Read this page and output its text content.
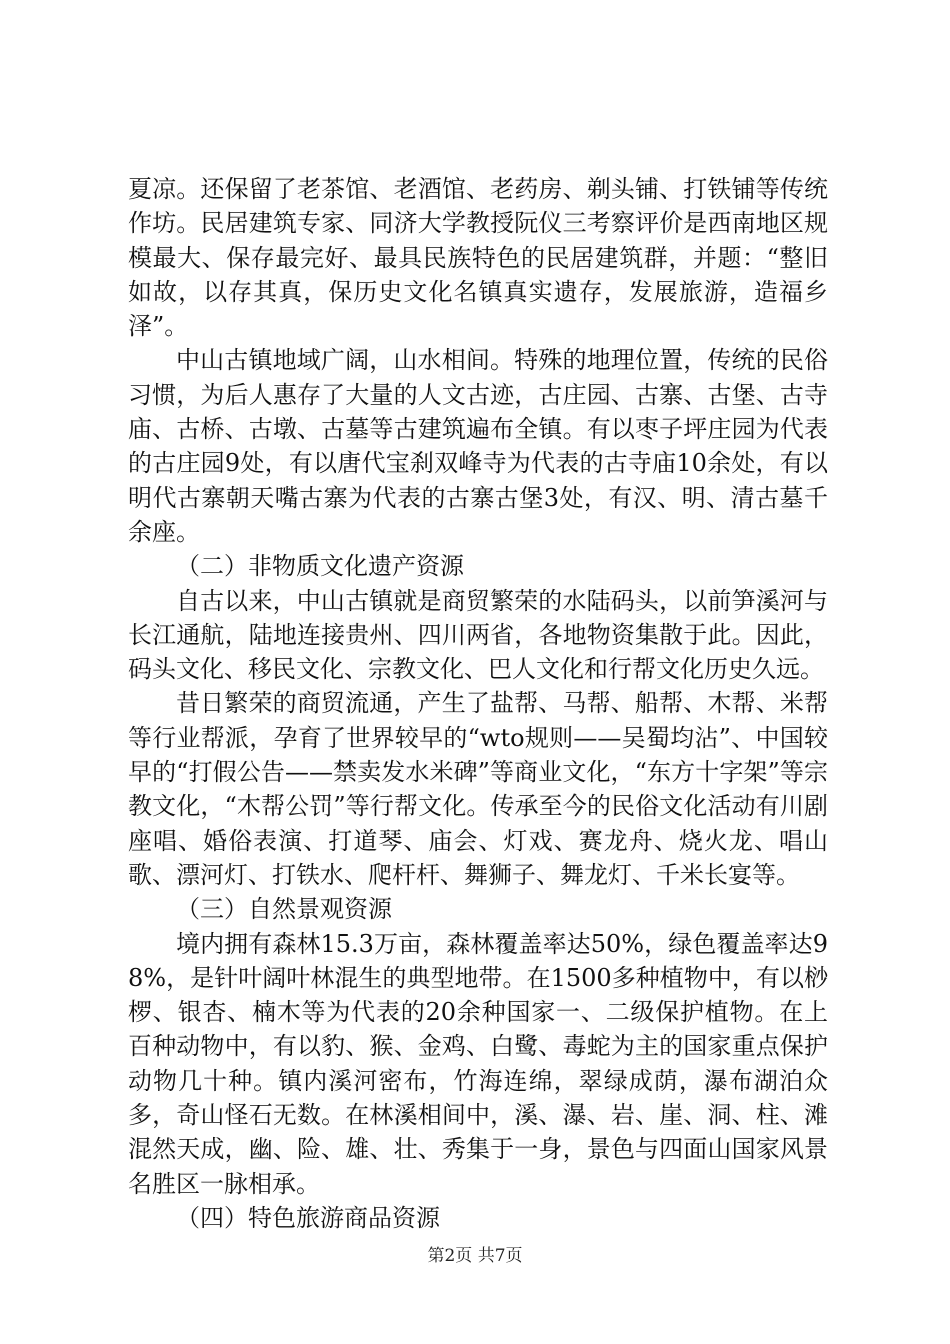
夏凉。还保留了老茶馆、老酒馆、老药房、剃头铺、打铁铺等传统作坊。民居建筑专家、同济大学教授阮仪三考察评价是西南地区规模最大、保存最完好、最具民族特色的民居建筑群，并题：“整旧如故，以存其真，保历史文化名镇真实遗存，发展旅游，造福乡泽”。

中山古镇地域广阔，山水相间。特殊的地理位置，传统的民俗习惯，为后人惠存了大量的人文古迹，古庄园、古寨、古堡、古寺庙、古桥、古墩、古墓等古建筑遍布全镇。有以枣子坪庄园为代表的古庄园9处，有以唐代宝刹双峰寺为代表的古寺庙10余处，有以明代古寨朝天嘴古寨为代表的古寨古堡3处，有汉、明、清古墓千余座。

（二）非物质文化遗产资源

自古以来，中山古镇就是商贸繁荣的水陆码头，以前笋溪河与长江通航，陆地连接贵州、四川两省，各地物资集散于此。因此，码头文化、移民文化、宗教文化、巴人文化和行帮文化历史久远。

昔日繁荣的商贸流通，产生了盐帮、马帮、船帮、木帮、米帮等行业帮派，孕育了世界较早的“wto规则——吴蜀均沾”、中国较早的“打假公告——禁卖发水米碑”等商业文化，“东方十字架”等宗教文化，“木帮公罚”等行帮文化。传承至今的民俗文化活动有川剧座唱、婚俗表演、打道琴、庙会、灯戏、赛龙舟、烧火龙、唱山歌、漂河灯、打铁水、爬杆杆、舞狮子、舞龙灯、千米长宴等。

（三）自然景观资源

境内拥有森林15.3万亩，森林覆盖率达50%，绿色覆盖率达98%，是针叶阔叶林混生的典型地带。在1500多种植物中，有以桫椤、银杏、楠木等为代表的20余种国家一、二级保护植物。在上百种动物中，有以豹、猴、金鸡、白鹭、毒蛇为主的国家重点保护动物几十种。镇内溪河密布，竹海连绵，翠绿成荫，瀑布湖泊众多，奇山怪石无数。在林溪相间中，溪、瀑、岩、崖、洞、柱、滩混然天成，幽、险、雄、壮、秀集于一身，景色与四面山国家风景名胜区一脉相承。

（四）特色旅游商品资源

第2页 共7页
